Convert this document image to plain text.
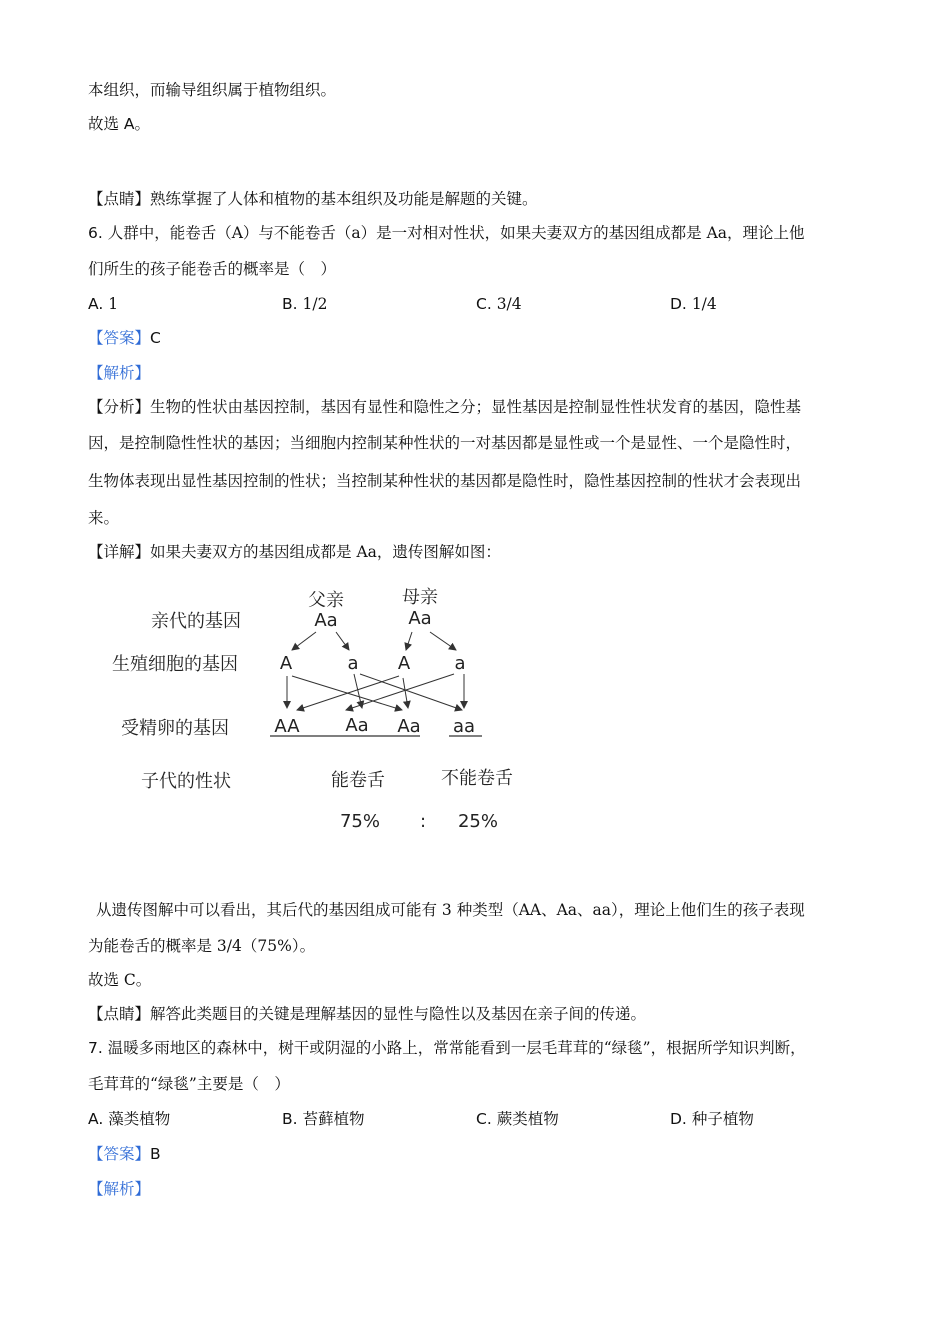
本组织，而输导组织属于植物组织。
故选 A。
【点睛】熟练掌握了人体和植物的基本组织及功能是解题的关键。
6. 人群中，能卷舌（A）与不能卷舌（a）是一对相对性状，如果夫妻双方的基因组成都是 Aa，理论上他
们所生的孩子能卷舌的概率是（　）
A. 1	B. 1/2	C. 3/4	D. 1/4
【答案】C
【解析】
【分析】生物的性状由基因控制，基因有显性和隐性之分；显性基因是控制显性性状发育的基因，隐性基
因，是控制隐性性状的基因；当细胞内控制某种性状的一对基因都是显性或一个是显性、一个是隐性时，
生物体表现出显性基因控制的性状；当控制某种性状的基因都是隐性时，隐性基因控制的性状才会表现出
来。
【详解】如果夫妻双方的基因组成都是 Aa，遗传图解如图：
亲代的基因
生殖细胞的基因
受精卵的基因
子代的性状
父亲
Aa
母亲
Aa
A	a A a
AA	Aa Aa aa
能卷舌	不能卷舌
75% : 25%
从遗传图解中可以看出，其后代的基因组成可能有 3 种类型（AA、Aa、aa），理论上他们生的孩子表现
为能卷舌的概率是 3/4（75%）。
故选 C。
【点睛】解答此类题目的关键是理解基因的显性与隐性以及基因在亲子间的传递。
7. 温暖多雨地区的森林中，树干或阴湿的小路上，常常能看到一层毛茸茸的“绿毯”，根据所学知识判断，
毛茸茸的“绿毯”主要是（　）
A. 藻类植物	B. 苔藓植物	C. 蕨类植物	D. 种子植物
【答案】B
【解析】
